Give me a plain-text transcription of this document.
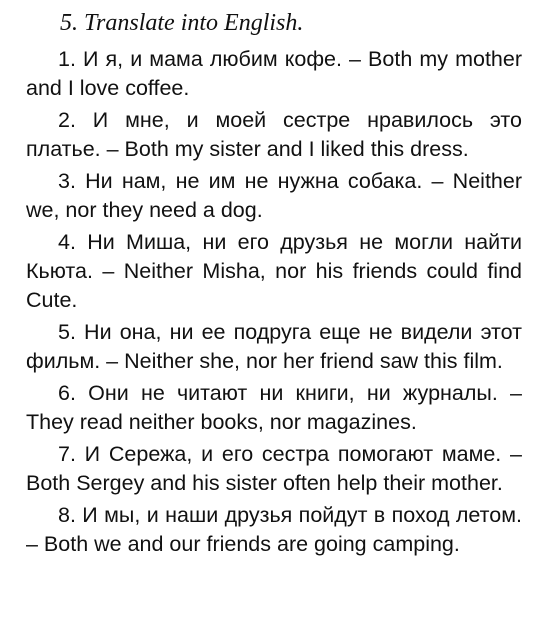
5. Translate into English.

1. И я, и мама любим кофе. – Both my mother and I love coffee.

2. И мне, и моей сестре нравилось это платье. – Both my sister and I liked this dress.

3. Ни нам, не им не нужна собака. – Neither we, nor they need a dog.

4. Ни Миша, ни его друзья не могли найти Кьюта. – Neither Misha, nor his friends could find Cute.

5. Ни она, ни ее подруга еще не видели этот фильм. – Neither she, nor her friend saw this film.

6. Они не читают ни книги, ни журналы. – They read neither books, nor magazines.

7. И Сережа, и его сестра помогают маме. – Both Sergey and his sister often help their mother.

8. И мы, и наши друзья пойдут в поход летом. – Both we and our friends are going camping.
